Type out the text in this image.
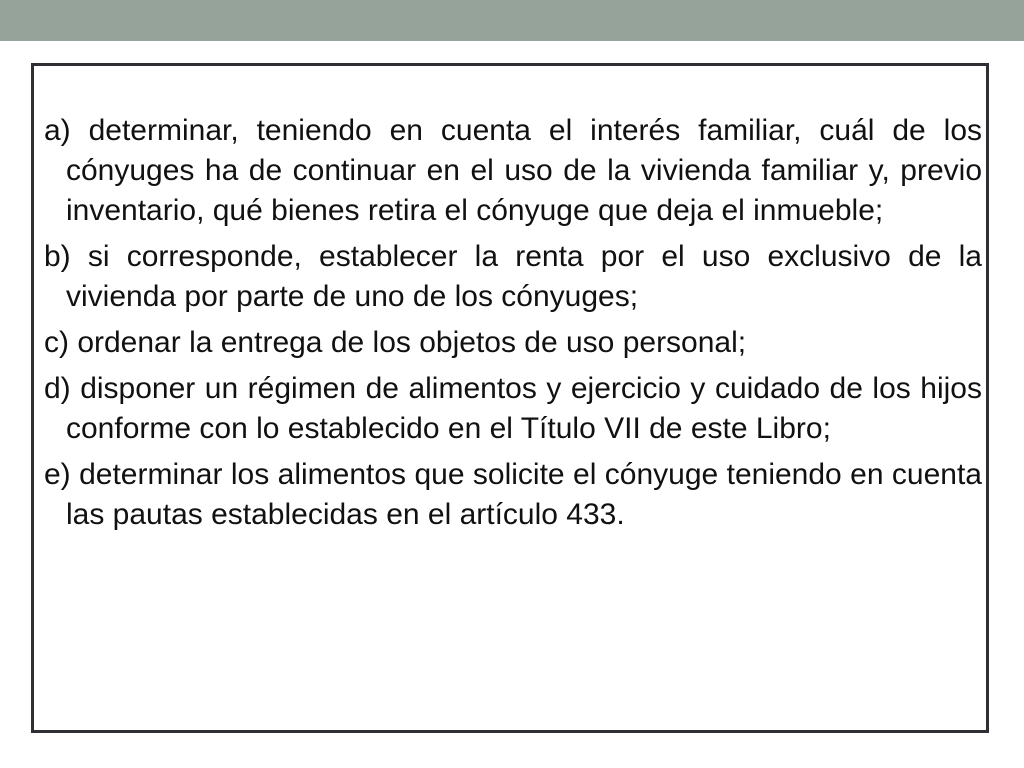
a) determinar, teniendo en cuenta el interés familiar, cuál de los cónyuges ha de continuar en el uso de la vivienda familiar y, previo inventario, qué bienes retira el cónyuge que deja el inmueble;
b) si corresponde, establecer la renta por el uso exclusivo de la vivienda por parte de uno de los cónyuges;
c) ordenar la entrega de los objetos de uso personal;
d) disponer un régimen de alimentos y ejercicio y cuidado de los hijos conforme con lo establecido en el Título VII de este Libro;
e) determinar los alimentos que solicite el cónyuge teniendo en cuenta las pautas establecidas en el artículo 433.
